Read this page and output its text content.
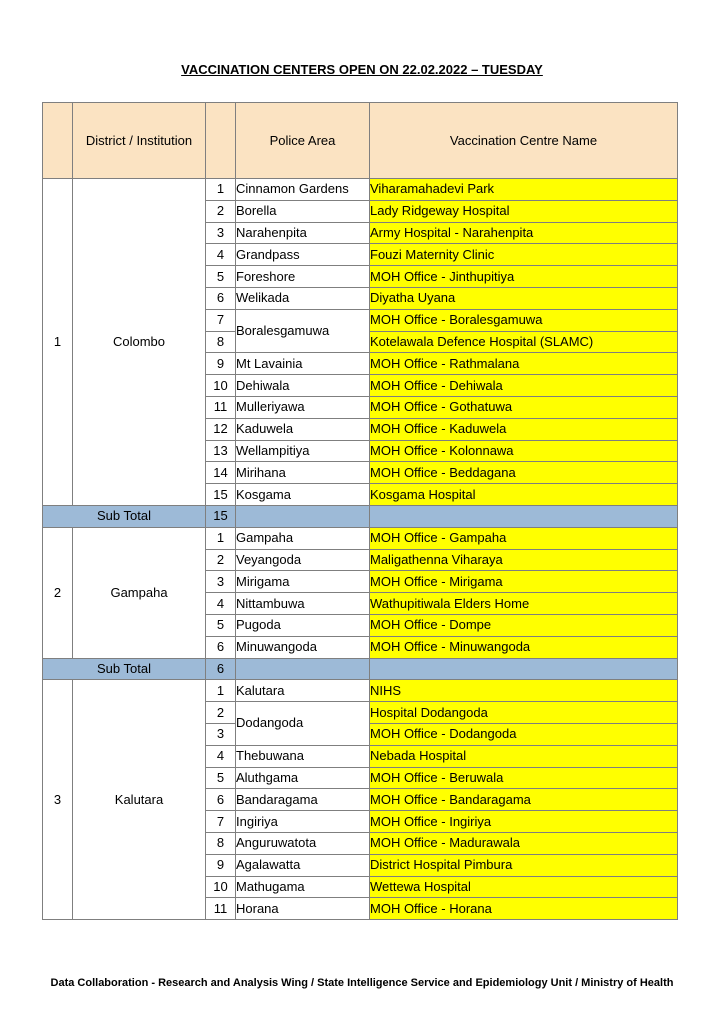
VACCINATION CENTERS OPEN ON 22.02.2022 – TUESDAY
	District / Institution		Police Area	Vaccination Centre Name
1	Colombo	1	Cinnamon Gardens	Viharamahadevi Park
		2	Borella	Lady Ridgeway Hospital
		3	Narahenpita	Army Hospital - Narahenpita
		4	Grandpass	Fouzi Maternity Clinic
		5	Foreshore	MOH Office - Jinthupitiya
		6	Welikada	Diyatha Uyana
		7	Boralesgamuwa	MOH Office - Boralesgamuwa
		8		Kotelawala Defence Hospital (SLAMC)
		9	Mt Lavainia	MOH Office - Rathmalana
		10	Dehiwala	MOH Office - Dehiwala
		11	Mulleriyawa	MOH Office - Gothatuwa
		12	Kaduwela	MOH Office - Kaduwela
		13	Wellampitiya	MOH Office - Kolonnawa
		14	Mirihana	MOH Office - Beddagana
		15	Kosgama	Kosgama Hospital
Sub Total		15		
2	Gampaha	1	Gampaha	MOH Office - Gampaha
		2	Veyangoda	Maligathenna Viharaya
		3	Mirigama	MOH Office - Mirigama
		4	Nittambuwa	Wathupitiwala Elders Home
		5	Pugoda	MOH Office - Dompe
		6	Minuwangoda	MOH Office - Minuwangoda
Sub Total		6		
3	Kalutara	1	Kalutara	NIHS
		2	Dodangoda	Hospital Dodangoda
		3		MOH Office - Dodangoda
		4	Thebuwana	Nebada Hospital
		5	Aluthgama	MOH Office - Beruwala
		6	Bandaragama	MOH Office - Bandaragama
		7	Ingiriya	MOH Office - Ingiriya
		8	Anguruwatota	MOH Office - Madurawala
		9	Agalawatta	District Hospital Pimbura
		10	Mathugama	Wettewa Hospital
		11	Horana	MOH Office - Horana
Data Collaboration - Research and Analysis Wing / State Intelligence Service and Epidemiology Unit / Ministry of Health
